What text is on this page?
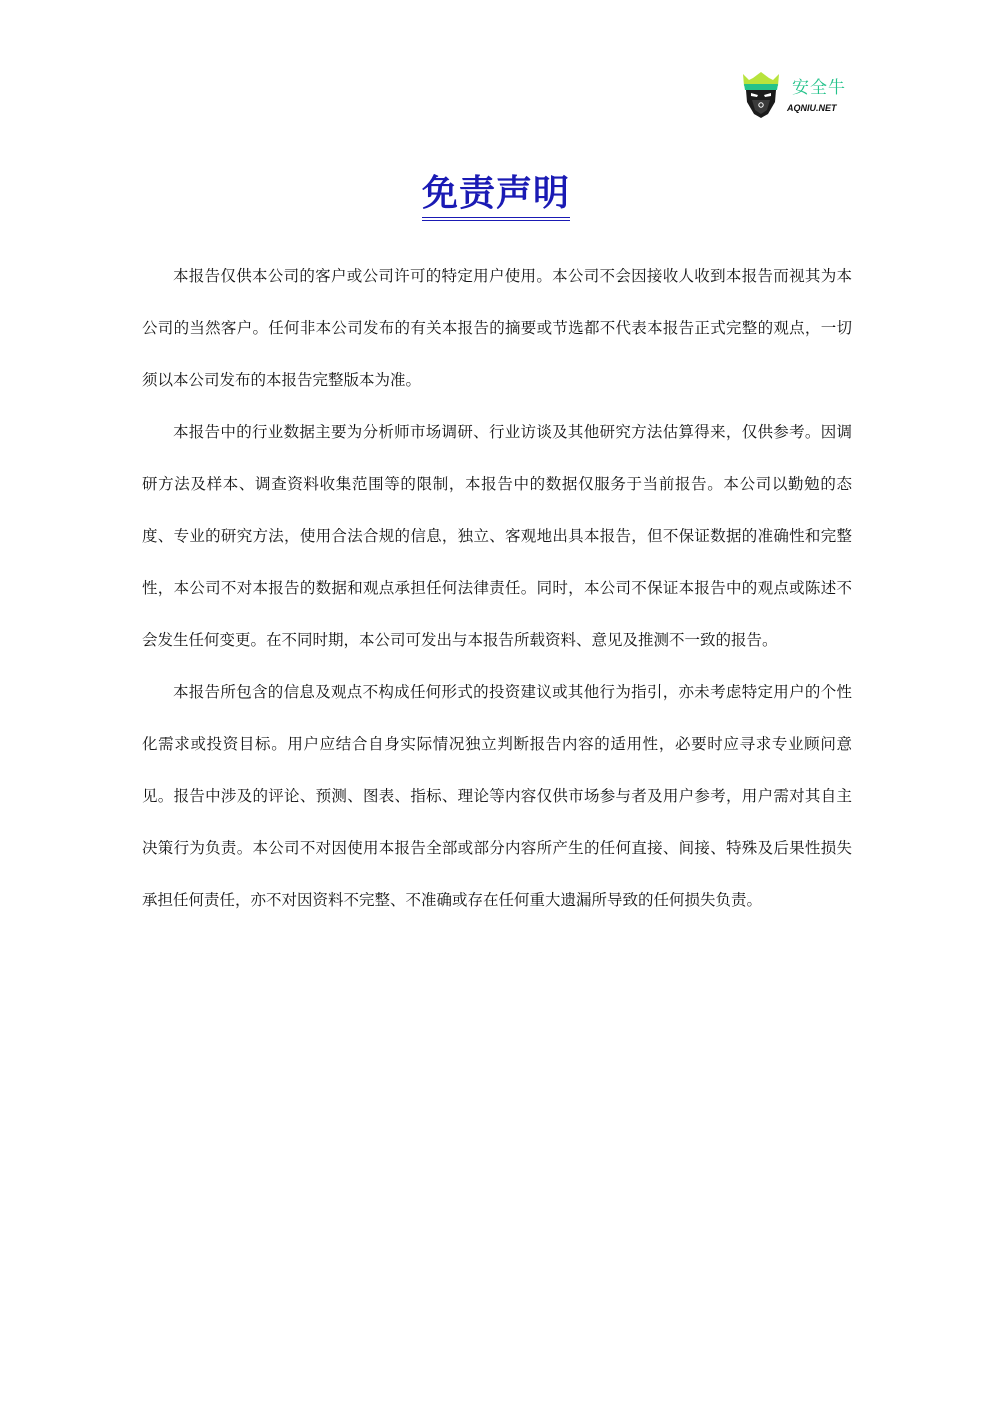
安全牛
AQNIU.NET
免责声明

本报告仅供本公司的客户或公司许可的特定用户使用。本公司不会因接收人收到本报告而视其为本公司的当然客户。任何非本公司发布的有关本报告的摘要或节选都不代表本报告正式完整的观点，一切须以本公司发布的本报告完整版本为准。

本报告中的行业数据主要为分析师市场调研、行业访谈及其他研究方法估算得来，仅供参考。因调研方法及样本、调查资料收集范围等的限制，本报告中的数据仅服务于当前报告。本公司以勤勉的态度、专业的研究方法，使用合法合规的信息，独立、客观地出具本报告，但不保证数据的准确性和完整性，本公司不对本报告的数据和观点承担任何法律责任。同时，本公司不保证本报告中的观点或陈述不会发生任何变更。在不同时期，本公司可发出与本报告所载资料、意见及推测不一致的报告。

本报告所包含的信息及观点不构成任何形式的投资建议或其他行为指引，亦未考虑特定用户的个性化需求或投资目标。用户应结合自身实际情况独立判断报告内容的适用性，必要时应寻求专业顾问意见。报告中涉及的评论、预测、图表、指标、理论等内容仅供市场参与者及用户参考，用户需对其自主决策行为负责。本公司不对因使用本报告全部或部分内容所产生的任何直接、间接、特殊及后果性损失承担任何责任，亦不对因资料不完整、不准确或存在任何重大遗漏所导致的任何损失负责。
